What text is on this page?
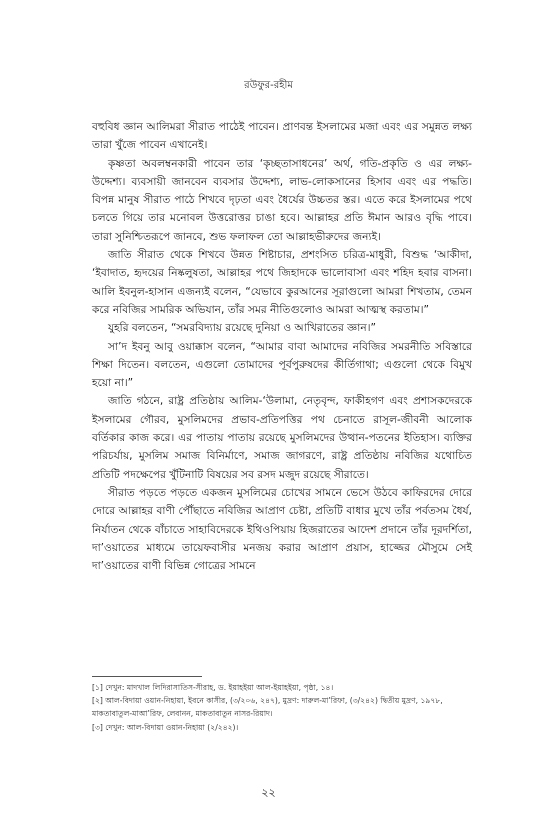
রউফুর-রহীম

বহুবিধ জ্ঞান আলিমরা সীরাত পাঠেই পাবেন। প্রাণবন্ত ইসলামের মজা এবং এর সমুন্নত লক্ষ্য তারা খুঁজে পাবেন এখানেই।

কৃষ্ণতা অবলম্বনকারী পাবেন তার ‘কৃচ্ছতাসাধনের’ অর্থ, গতি-প্রকৃতি ও এর লক্ষ্য-উদ্দেশ্য। ব্যবসায়ী জানবেন ব্যবসার উদ্দেশ্য, লাভ-লোকসানের হিসাব এবং এর পদ্ধতি। বিপন্ন মানুষ সীরাত পাঠে শিখবে দৃঢ়তা এবং ধৈর্যের উচ্চতর স্তর। এতে করে ইসলামের পথে চলতে গিয়ে তার মনোবল উত্তরোত্তর চাঙা হবে। আল্লাহর প্রতি ঈমান আরও বৃদ্ধি পাবে। তারা সুনিশ্চিতরূপে জানবে, শুভ ফলাফল তো আল্লাহভীরুদের জন্যই।

জাতি সীরাত থেকে শিখবে উন্নত শিষ্টাচার, প্রশংসিত চরিত্র-মাধুরী, বিশুদ্ধ ‘আকীদা, ‘ইবাদাত, হৃদয়ের নিষ্কলুষতা, আল্লাহর পথে জিহাদকে ভালোবাসা এবং শহিদ হবার বাসনা। আলি ইবনুল-হাসান এজন্যই বলেন, “যেভাবে কুরআনের সূরাগুলো আমরা শিখতাম, তেমন করে নবিজির সামরিক অভিযান, তাঁর সমর নীতিগুলোও আমরা আত্মস্থ করতাম।”

যুহরি বলতেন, “সমরবিদ্যায় রয়েছে দুনিয়া ও আখিরাতের জ্ঞান।”

সা’দ ইবনু আবু ওয়াক্কাস বলেন, “আমার বাবা আমাদের নবিজির সমরনীতি সবিস্তারে শিক্ষা দিতেন। বলতেন, এগুলো তোমাদের পূর্বপুরুষদের কীর্তিগাথা; এগুলো থেকে বিমুখ হয়ো না।”

জাতি গঠনে, রাষ্ট্র প্রতিষ্ঠায় আলিম-‘উলামা, নেতৃবৃন্দ, ফাকীহগণ এবং প্রশাসকদেরকে ইসলামের গৌরব, মুসলিমদের প্রভাব-প্রতিপত্তির পথ চেনাতে রাসূল-জীবনী আলোক বর্তিকার কাজ করে। এর পাতায় পাতায় রয়েছে মুসলিমদের উত্থান-পতনের ইতিহাস। ব্যক্তির পরিচর্যায়, মুসলিম সমাজ বিনির্মাণে, সমাজ জাগরণে, রাষ্ট্র প্রতিষ্ঠায় নবিজির যথোচিত প্রতিটি পদক্ষেপের খুঁটিনাটি বিষয়ের সব রসদ মজুদ রয়েছে সীরাতে।

সীরাত পড়তে পড়তে একজন মুসলিমের চোখের সামনে ভেসে উঠবে কাফিরদের দোরে দোরে আল্লাহর বাণী পৌঁছাতে নবিজির আপ্রাণ চেষ্টা, প্রতিটি বাধার মুখে তাঁর পর্বতসম ধৈর্য, নির্যাতন থেকে বাঁচাতে সাহাবিদেরকে ইথিওপিয়ায় হিজরাতের আদেশ প্রদানে তাঁর দূরদর্শিতা, দা’ওয়াতের মাধ্যমে তায়েফবাসীর মনজয় করার আপ্রাণ প্রয়াস, হাজ্জের মৌসুমে সেই দা’ওয়াতের বাণী বিভিন্ন গোত্রের সামনে

[১] দেখুন: মাদখাল লিদিরাসাতিস-সীরাহ, ড. ইয়াহইয়া আল-ইয়াহইয়া, পৃষ্ঠা, ১৪।
[২] আল-বিদায়া ওয়ান-নিহায়া, ইবনে কাসীর, (৩/২০৬, ২৪৭), মুদ্রণ: দারুল-মা’রিফা, (৩/২৪২) দ্বিতীয় মুদ্রণ, ১৯৭৮, মাকতাবাতুল-মাআ’রিফ, লেবানন, মাকতাবাতুন নাসর-রিয়াদ।
[৩] দেখুন: আল-বিদায়া ওয়ান-নিহায়া (২/২৪২)।
২২
